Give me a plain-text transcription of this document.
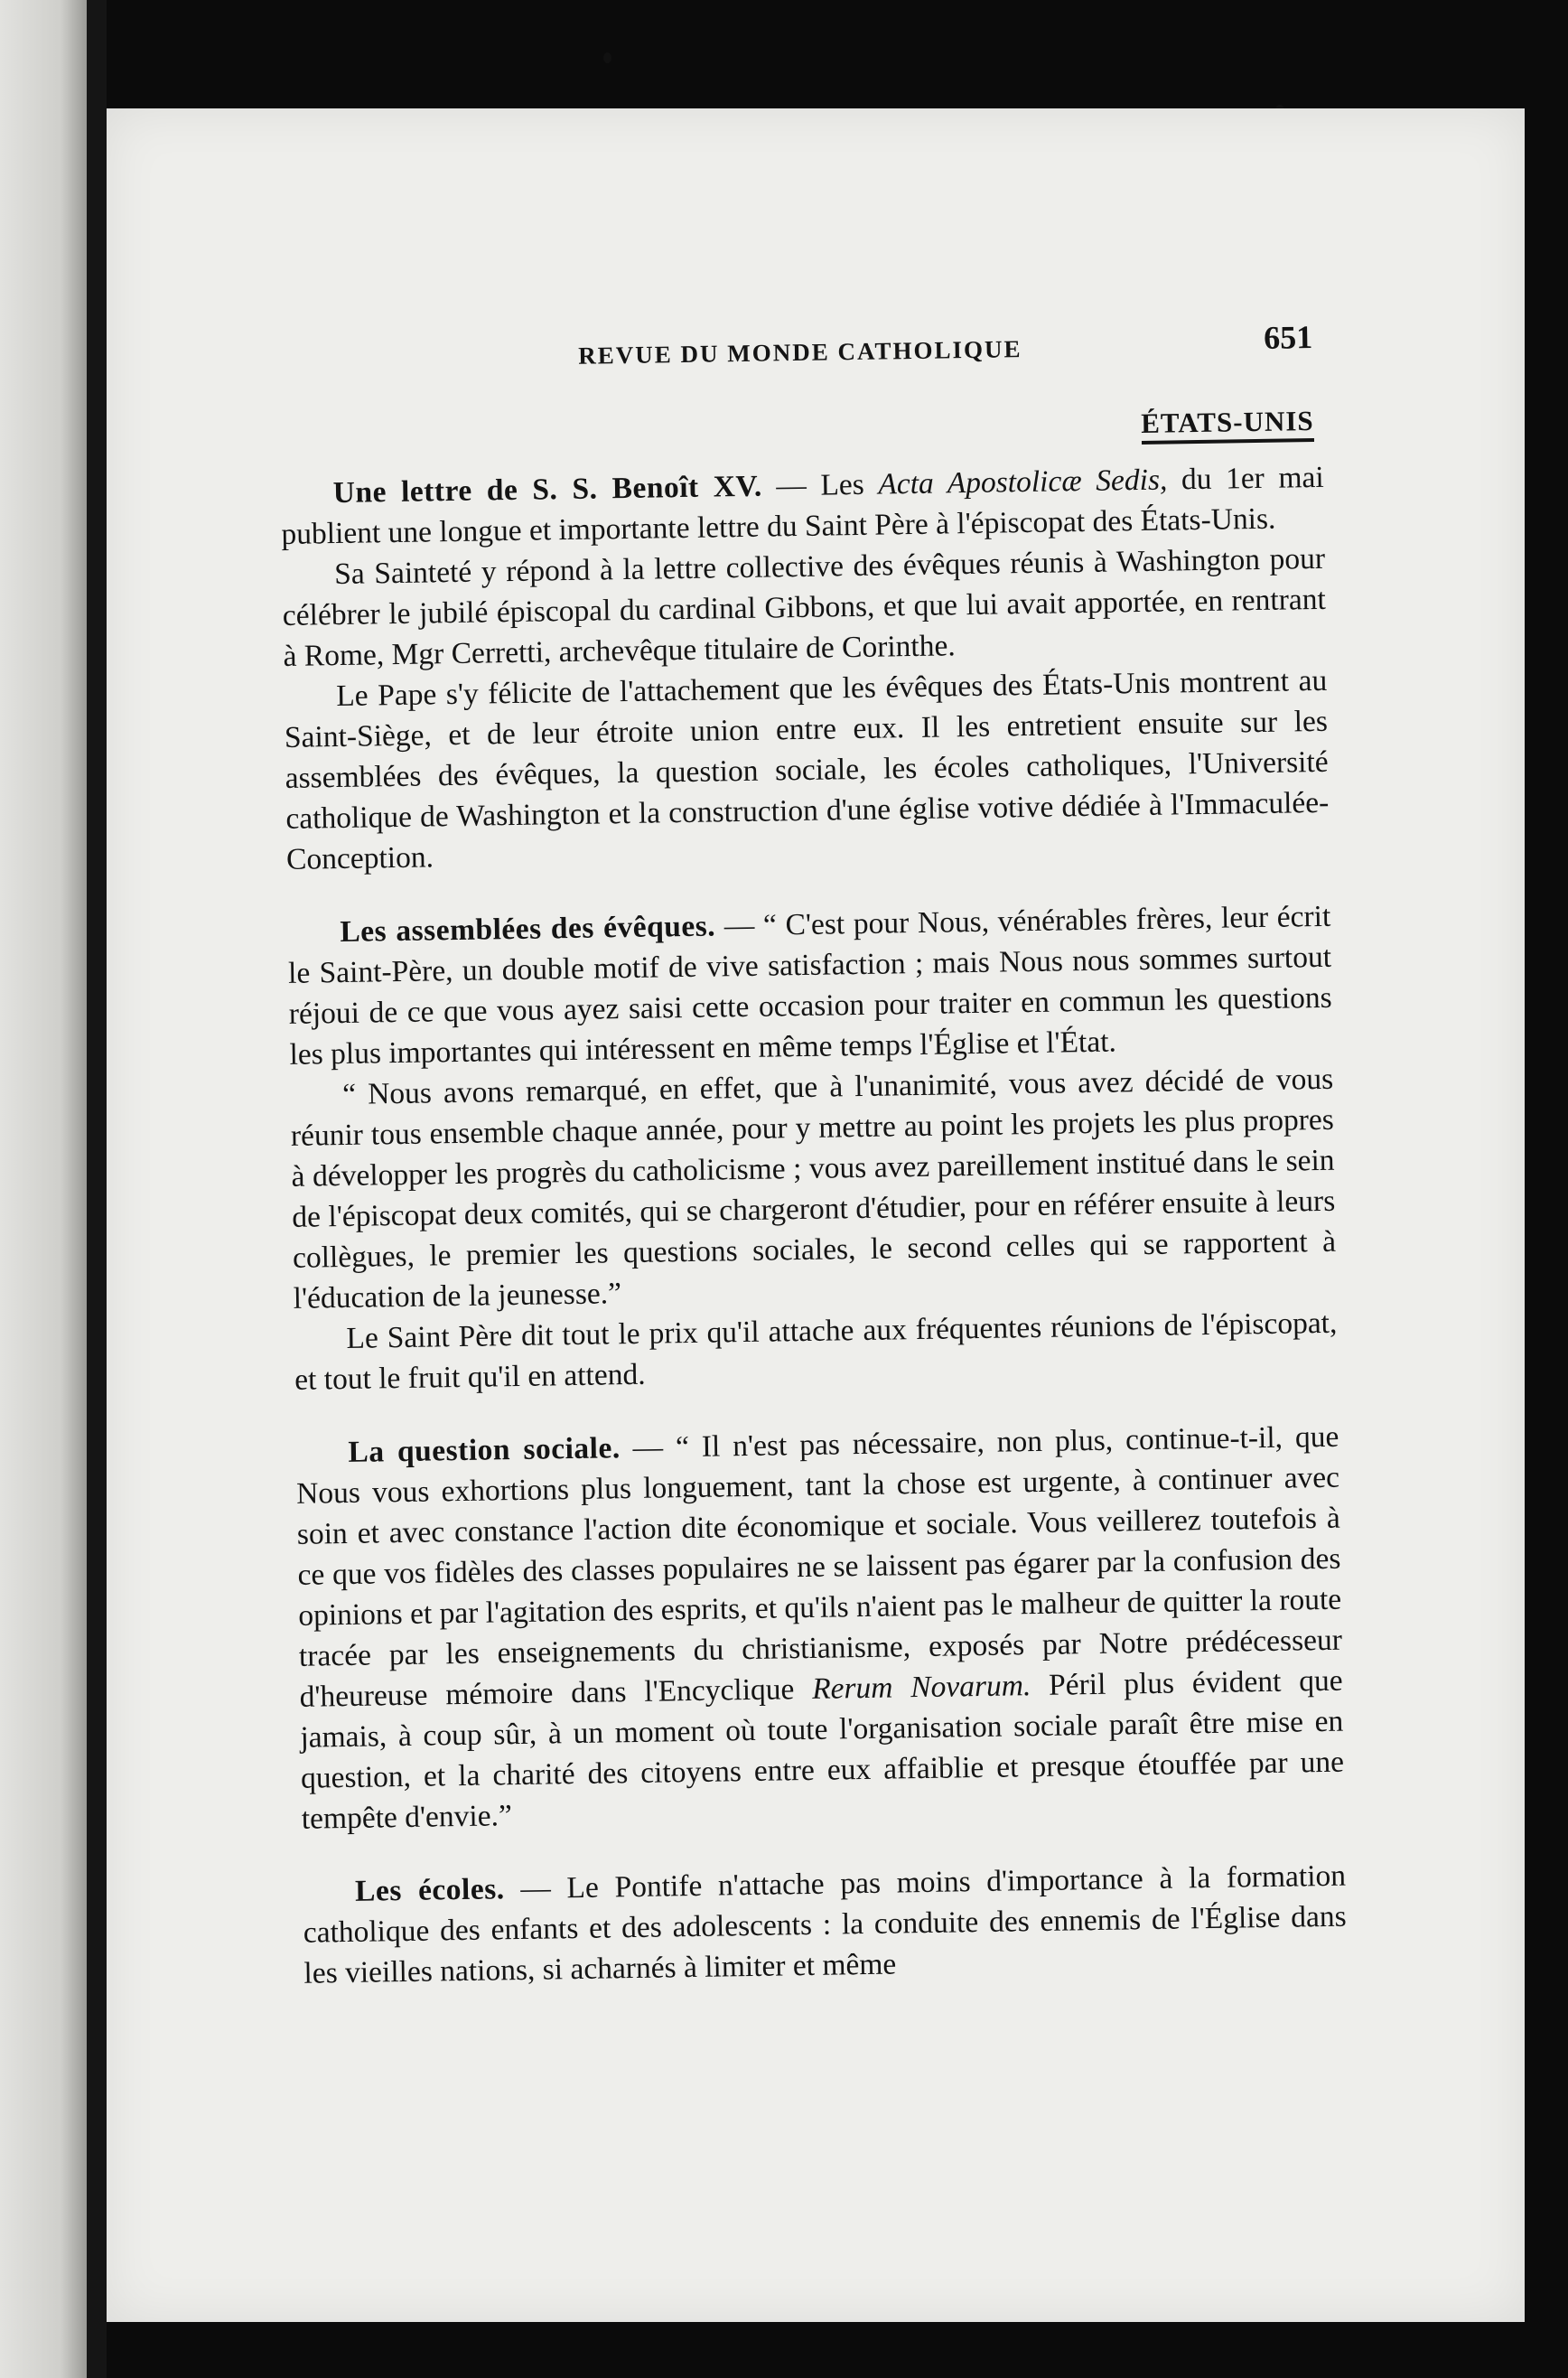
REVUE DU MONDE CATHOLIQUE	651
ÉTATS-UNIS

Une lettre de S. S. Benoît XV. — Les Acta Apostolicæ Sedis, du 1er mai publient une longue et importante lettre du Saint Père à l'épiscopat des États-Unis.

Sa Sainteté y répond à la lettre collective des évêques réunis à Washington pour célébrer le jubilé épiscopal du cardinal Gibbons, et que lui avait apportée, en rentrant à Rome, Mgr Cerretti, archevêque titulaire de Corinthe.

Le Pape s'y félicite de l'attachement que les évêques des États-Unis montrent au Saint-Siège, et de leur étroite union entre eux. Il les entretient ensuite sur les assemblées des évêques, la question sociale, les écoles catholiques, l'Université catholique de Washington et la construction d'une église votive dédiée à l'Immaculée-Conception.

Les assemblées des évêques. — “ C'est pour Nous, vénérables frères, leur écrit le Saint-Père, un double motif de vive satisfaction ; mais Nous nous sommes surtout réjoui de ce que vous ayez saisi cette occasion pour traiter en commun les questions les plus importantes qui intéressent en même temps l'Église et l'État.

“ Nous avons remarqué, en effet, que à l'unanimité, vous avez décidé de vous réunir tous ensemble chaque année, pour y mettre au point les projets les plus propres à développer les progrès du catholicisme ; vous avez pareillement institué dans le sein de l'épiscopat deux comités, qui se chargeront d'étudier, pour en référer ensuite à leurs collègues, le premier les questions sociales, le second celles qui se rapportent à l'éducation de la jeunesse.”

Le Saint Père dit tout le prix qu'il attache aux fréquentes réunions de l'épiscopat, et tout le fruit qu'il en attend.

La question sociale. — “ Il n'est pas nécessaire, non plus, continue-t-il, que Nous vous exhortions plus longuement, tant la chose est urgente, à continuer avec soin et avec constance l'action dite économique et sociale. Vous veillerez toutefois à ce que vos fidèles des classes populaires ne se laissent pas égarer par la confusion des opinions et par l'agitation des esprits, et qu'ils n'aient pas le malheur de quitter la route tracée par les enseignements du christianisme, exposés par Notre prédécesseur d'heureuse mémoire dans l'Encyclique Rerum Novarum. Péril plus évident que jamais, à coup sûr, à un moment où toute l'organisation sociale paraît être mise en question, et la charité des citoyens entre eux affaiblie et presque étouffée par une tempête d'envie.”

Les écoles. — Le Pontife n'attache pas moins d'importance à la formation catholique des enfants et des adolescents : la conduite des ennemis de l'Église dans les vieilles nations, si acharnés à limiter et même
